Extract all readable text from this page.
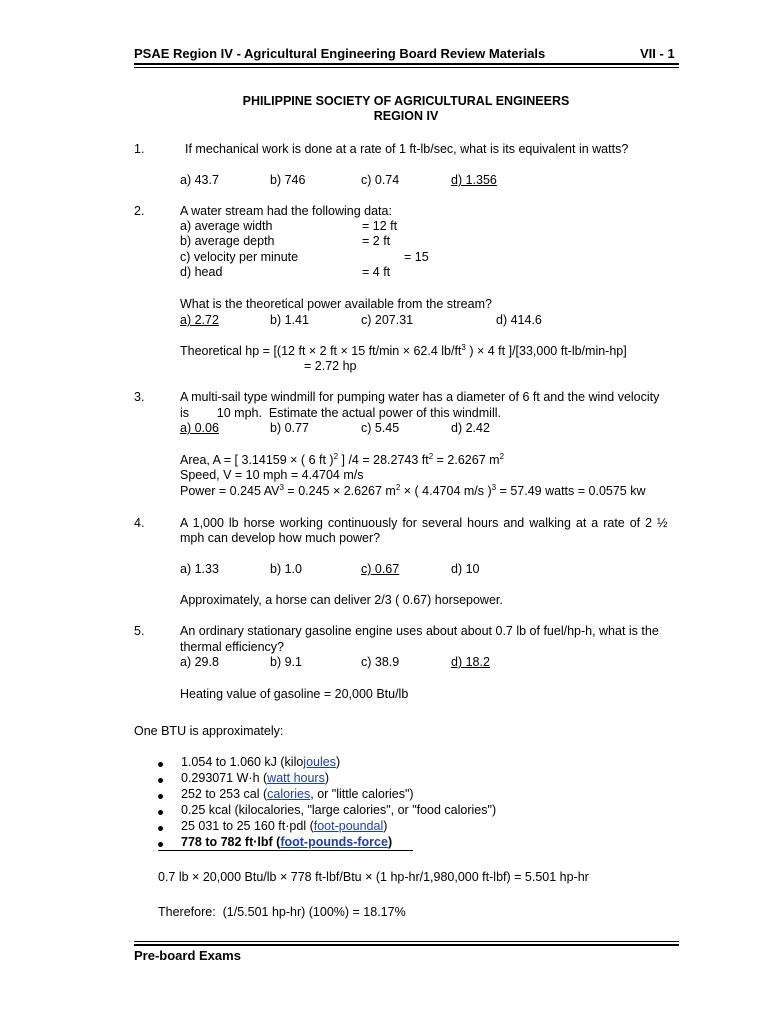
PSAE Region IV - Agricultural Engineering Board Review Materials	VII - 1
PHILIPPINE SOCIETY OF AGRICULTURAL ENGINEERS
REGION IV
1.	If mechanical work is done at a rate of 1 ft-lb/sec, what is its equivalent in watts?
a) 43.7	b) 746	c) 0.74	d) 1.356
2.	A water stream had the following data:
a) average width	= 12 ft
b) average depth	= 2 ft
c) velocity per minute	= 15
d) head	= 4 ft
What is the theoretical power available from the stream?
a) 2.72	b) 1.41	c) 207.31	d) 414.6
Theoretical hp = [(12 ft × 2 ft × 15 ft/min × 62.4 $lb/ft^3$ ) × 4 ft ]/[33,000 ft-lb/min-hp]
= 2.72 hp
3.	A multi-sail type windmill for pumping water has a diameter of 6 ft and the wind velocity
is        10 mph.  Estimate the actual power of this windmill.
a) 0.06	b) 0.77	c) 5.45	d) 2.42
Area, A = [ 3.14159 × ( 6 ft )$^2$ ] /4 = 28.2743 $ft^2 = 2.6267$ $m^2$
Speed, V = 10 mph = 4.4704 m/s
Power = 0.245 $AV^3 = 0.245 \times 2.6267$ $m^2$ × ( 4.4704 m/s )$^3$ = 57.49 watts = 0.0575 kw
4.	A 1,000 lb horse working continuously for several hours and walking at a rate of 2 ½
mph can develop how much power?
a) 1.33	b) 1.0	c) 0.67	d) 10
Approximately, a horse can deliver 2/3 ( 0.67) horsepower.
5.	An ordinary stationary gasoline engine uses about about 0.7 lb of fuel/hp-h, what is the
thermal efficiency?
a) 29.8	b) 9.1	c) 38.9	d) 18.2
Heating value of gasoline = 20,000 Btu/lb
One BTU is approximately:
1.054 to 1.060 kJ (kilojoules)
0.293071 W·h (watt hours)
252 to 253 cal (calories, or "little calories")
0.25 kcal (kilocalories, "large calories", or "food calories")
25 031 to 25 160 ft·pdl (foot-poundal)
778 to 782 ft·lbf (foot-pounds-force)
0.7 lb × 20,000 Btu/lb × 778 ft-lbf/Btu × (1 hp-hr/1,980,000 ft-lbf) = 5.501 hp-hr
Therefore:  (1/5.501 hp-hr) (100%) = 18.17%
Pre-board Exams
